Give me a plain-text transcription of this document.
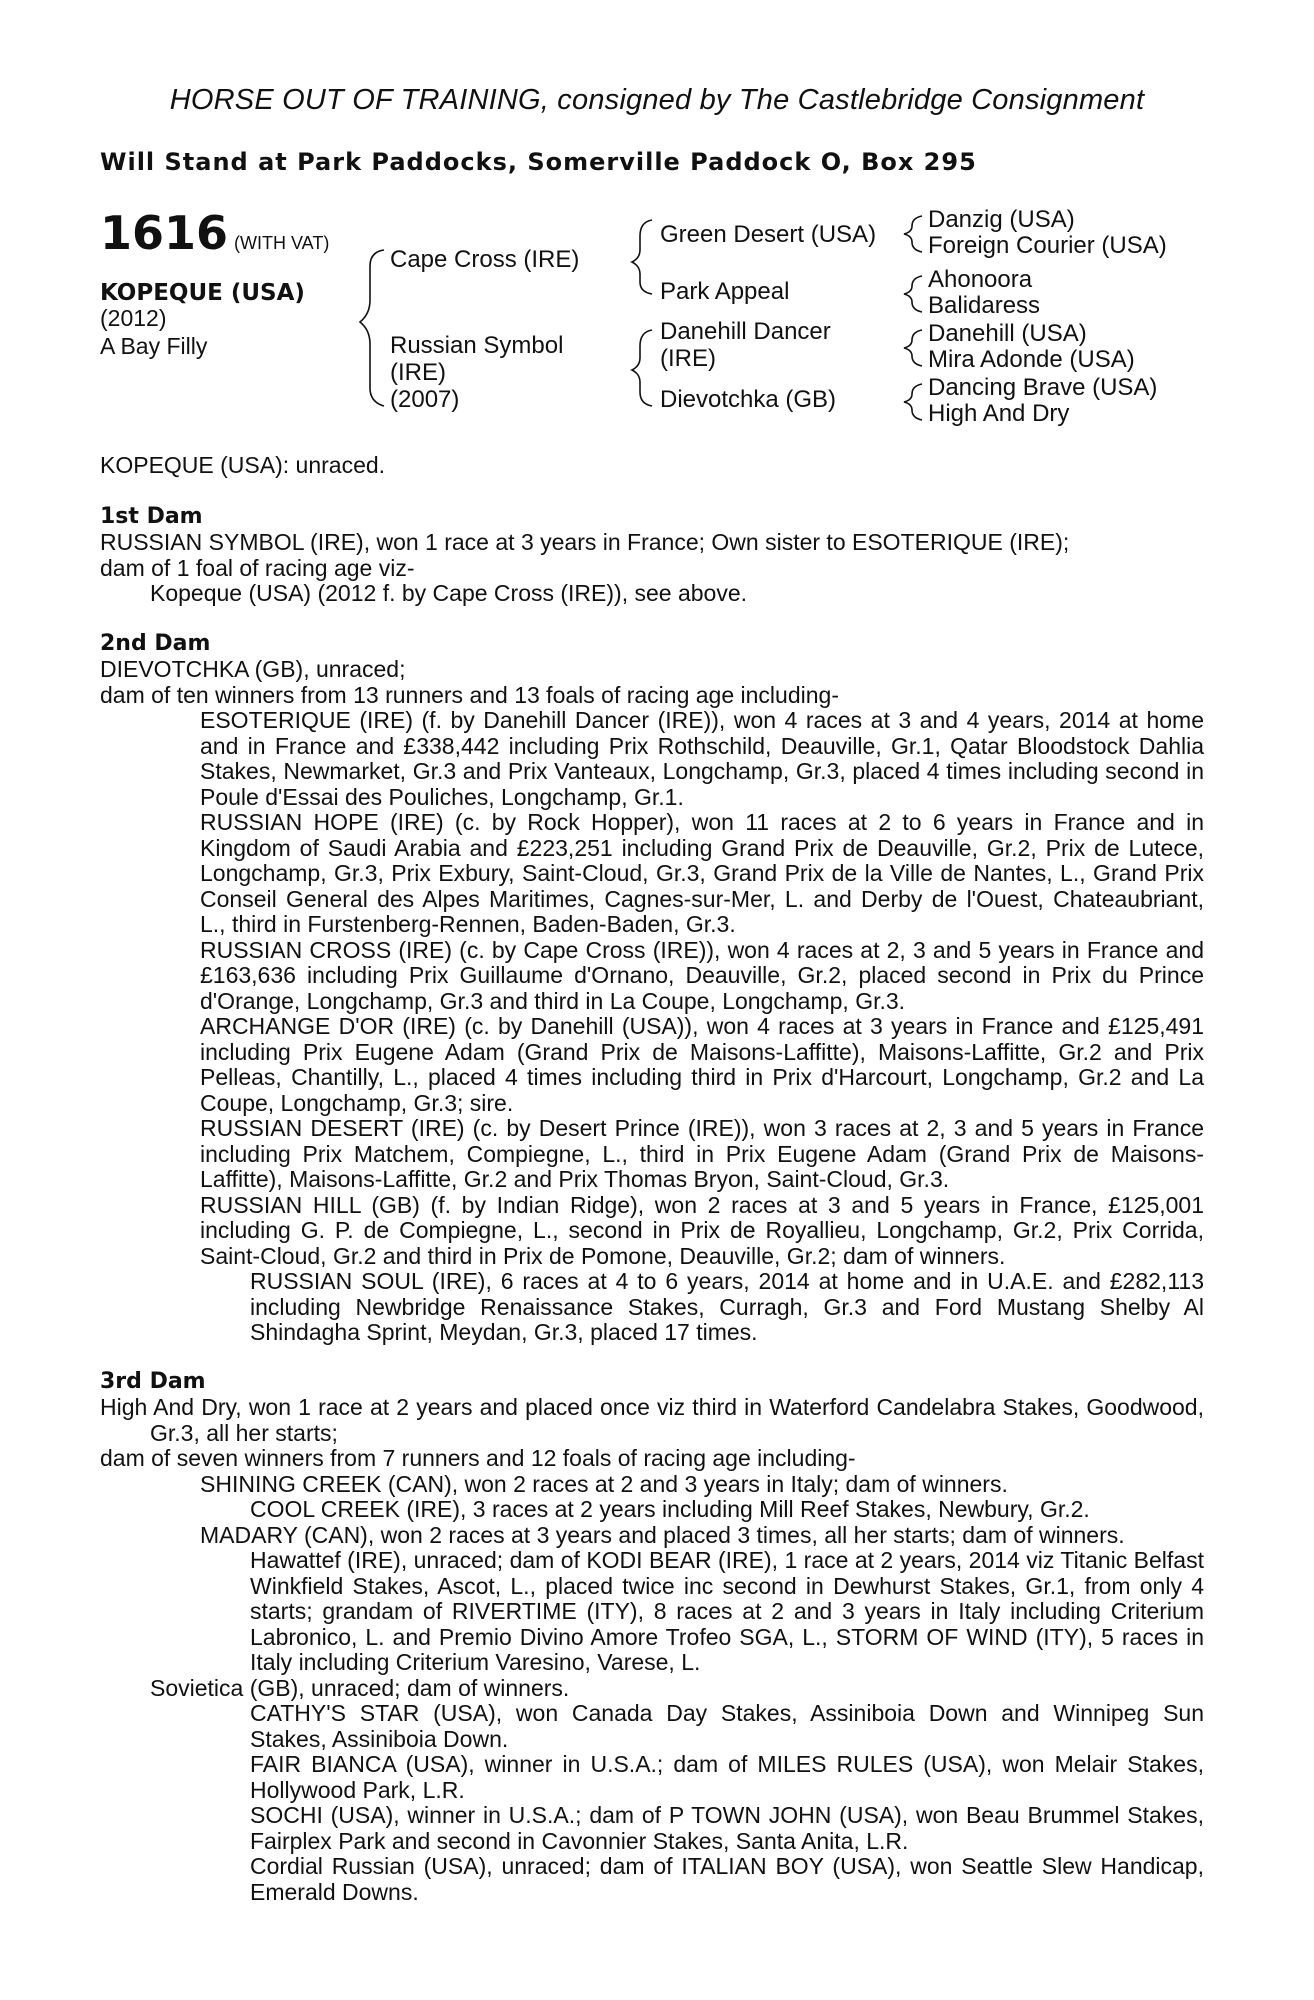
HORSE OUT OF TRAINING, consigned by The Castlebridge Consignment
Will Stand at Park Paddocks, Somerville Paddock O, Box 295
1616 (WITH VAT)
KOPEQUE (USA)
(2012)
A Bay Filly
Cape Cross (IRE)
Russian Symbol
(IRE)
(2007)
Green Desert (USA)
Park Appeal
Danehill Dancer
(IRE)
Dievotchka (GB)
Danzig (USA)
Foreign Courier (USA)
Ahonoora
Balidaress
Danehill (USA)
Mira Adonde (USA)
Dancing Brave (USA)
High And Dry
KOPEQUE (USA): unraced.
1st Dam
RUSSIAN SYMBOL (IRE), won 1 race at 3 years in France; Own sister to ESOTERIQUE (IRE);
dam of 1 foal of racing age viz-
Kopeque (USA) (2012 f. by Cape Cross (IRE)), see above.
2nd Dam
DIEVOTCHKA (GB), unraced;
dam of ten winners from 13 runners and 13 foals of racing age including-
ESOTERIQUE (IRE) (f. by Danehill Dancer (IRE)), won 4 races at 3 and 4 years, 2014 at home and in France and £338,442 including Prix Rothschild, Deauville, Gr.1, Qatar Bloodstock Dahlia Stakes, Newmarket, Gr.3 and Prix Vanteaux, Longchamp, Gr.3, placed 4 times including second in Poule d'Essai des Pouliches, Longchamp, Gr.1.
RUSSIAN HOPE (IRE) (c. by Rock Hopper), won 11 races at 2 to 6 years in France and in Kingdom of Saudi Arabia and £223,251 including Grand Prix de Deauville, Gr.2, Prix de Lutece, Longchamp, Gr.3, Prix Exbury, Saint-Cloud, Gr.3, Grand Prix de la Ville de Nantes, L., Grand Prix Conseil General des Alpes Maritimes, Cagnes-sur-Mer, L. and Derby de l'Ouest, Chateaubriant, L., third in Furstenberg-Rennen, Baden-Baden, Gr.3.
RUSSIAN CROSS (IRE) (c. by Cape Cross (IRE)), won 4 races at 2, 3 and 5 years in France and £163,636 including Prix Guillaume d'Ornano, Deauville, Gr.2, placed second in Prix du Prince d'Orange, Longchamp, Gr.3 and third in La Coupe, Longchamp, Gr.3.
ARCHANGE D'OR (IRE) (c. by Danehill (USA)), won 4 races at 3 years in France and £125,491 including Prix Eugene Adam (Grand Prix de Maisons-Laffitte), Maisons-Laffitte, Gr.2 and Prix Pelleas, Chantilly, L., placed 4 times including third in Prix d'Harcourt, Longchamp, Gr.2 and La Coupe, Longchamp, Gr.3; sire.
RUSSIAN DESERT (IRE) (c. by Desert Prince (IRE)), won 3 races at 2, 3 and 5 years in France including Prix Matchem, Compiegne, L., third in Prix Eugene Adam (Grand Prix de Maisons-Laffitte), Maisons-Laffitte, Gr.2 and Prix Thomas Bryon, Saint-Cloud, Gr.3.
RUSSIAN HILL (GB) (f. by Indian Ridge), won 2 races at 3 and 5 years in France, £125,001 including G. P. de Compiegne, L., second in Prix de Royallieu, Longchamp, Gr.2, Prix Corrida, Saint-Cloud, Gr.2 and third in Prix de Pomone, Deauville, Gr.2; dam of winners.
RUSSIAN SOUL (IRE), 6 races at 4 to 6 years, 2014 at home and in U.A.E. and £282,113 including Newbridge Renaissance Stakes, Curragh, Gr.3 and Ford Mustang Shelby Al Shindagha Sprint, Meydan, Gr.3, placed 17 times.
3rd Dam
High And Dry, won 1 race at 2 years and placed once viz third in Waterford Candelabra Stakes, Goodwood, Gr.3, all her starts;
dam of seven winners from 7 runners and 12 foals of racing age including-
SHINING CREEK (CAN), won 2 races at 2 and 3 years in Italy; dam of winners.
COOL CREEK (IRE), 3 races at 2 years including Mill Reef Stakes, Newbury, Gr.2.
MADARY (CAN), won 2 races at 3 years and placed 3 times, all her starts; dam of winners.
Hawattef (IRE), unraced; dam of KODI BEAR (IRE), 1 race at 2 years, 2014 viz Titanic Belfast Winkfield Stakes, Ascot, L., placed twice inc second in Dewhurst Stakes, Gr.1, from only 4 starts; grandam of RIVERTIME (ITY), 8 races at 2 and 3 years in Italy including Criterium Labronico, L. and Premio Divino Amore Trofeo SGA, L., STORM OF WIND (ITY), 5 races in Italy including Criterium Varesino, Varese, L.
Sovietica (GB), unraced; dam of winners.
CATHY'S STAR (USA), won Canada Day Stakes, Assiniboia Down and Winnipeg Sun Stakes, Assiniboia Down.
FAIR BIANCA (USA), winner in U.S.A.; dam of MILES RULES (USA), won Melair Stakes, Hollywood Park, L.R.
SOCHI (USA), winner in U.S.A.; dam of P TOWN JOHN (USA), won Beau Brummel Stakes, Fairplex Park and second in Cavonnier Stakes, Santa Anita, L.R.
Cordial Russian (USA), unraced; dam of ITALIAN BOY (USA), won Seattle Slew Handicap, Emerald Downs.
